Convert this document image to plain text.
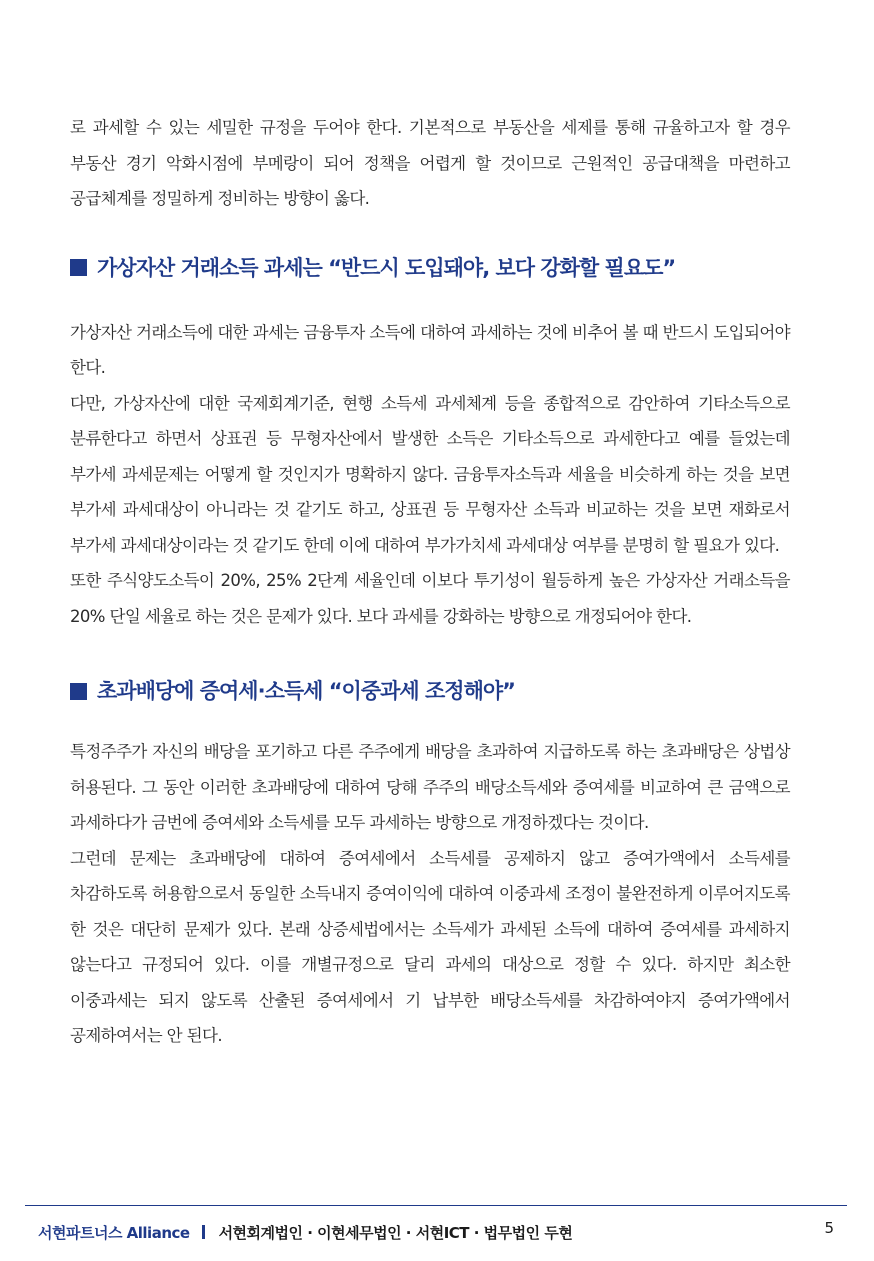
로 과세할 수 있는 세밀한 규정을 두어야 한다. 기본적으로 부동산을 세제를 통해 규율하고자 할 경우 부동산 경기 악화시점에 부메랑이 되어 정책을 어렵게 할 것이므로 근원적인 공급대책을 마련하고 공급체계를 정밀하게 정비하는 방향이 옳다.

가상자산 거래소득 과세는 “반드시 도입돼야, 보다 강화할 필요도”

가상자산 거래소득에 대한 과세는 금융투자 소득에 대하여 과세하는 것에 비추어 볼 때 반드시 도입되어야 한다.

다만, 가상자산에 대한 국제회계기준, 현행 소득세 과세체계 등을 종합적으로 감안하여 기타소득으로 분류한다고 하면서 상표권 등 무형자산에서 발생한 소득은 기타소득으로 과세한다고 예를 들었는데 부가세 과세문제는 어떻게 할 것인지가 명확하지 않다. 금융투자소득과 세율을 비슷하게 하는 것을 보면 부가세 과세대상이 아니라는 것 같기도 하고, 상표권 등 무형자산 소득과 비교하는 것을 보면 재화로서 부가세 과세대상이라는 것 같기도 한데 이에 대하여 부가가치세 과세대상 여부를 분명히 할 필요가 있다.

또한 주식양도소득이 20%, 25% 2단계 세율인데 이보다 투기성이 월등하게 높은 가상자산 거래소득을 20% 단일 세율로 하는 것은 문제가 있다. 보다 과세를 강화하는 방향으로 개정되어야 한다.

초과배당에 증여세·소득세 “이중과세 조정해야”

특정주주가 자신의 배당을 포기하고 다른 주주에게 배당을 초과하여 지급하도록 하는 초과배당은 상법상 허용된다. 그 동안 이러한 초과배당에 대하여 당해 주주의 배당소득세와 증여세를 비교하여 큰 금액으로 과세하다가 금번에 증여세와 소득세를 모두 과세하는 방향으로 개정하겠다는 것이다.

그런데 문제는 초과배당에 대하여 증여세에서 소득세를 공제하지 않고 증여가액에서 소득세를 차감하도록 허용함으로서 동일한 소득내지 증여이익에 대하여 이중과세 조정이 불완전하게 이루어지도록 한 것은 대단히 문제가 있다. 본래 상증세법에서는 소득세가 과세된 소득에 대하여 증여세를 과세하지 않는다고 규정되어 있다. 이를 개별규정으로 달리 과세의 대상으로 정할 수 있다. 하지만 최소한 이중과세는 되지 않도록 산출된 증여세에서 기 납부한 배당소득세를 차감하여야지 증여가액에서 공제하여서는 안 된다.

서현파트너스 Alliance 서현회계법인 · 이현세무법인 · 서현ICT · 법무법인 두현	5
